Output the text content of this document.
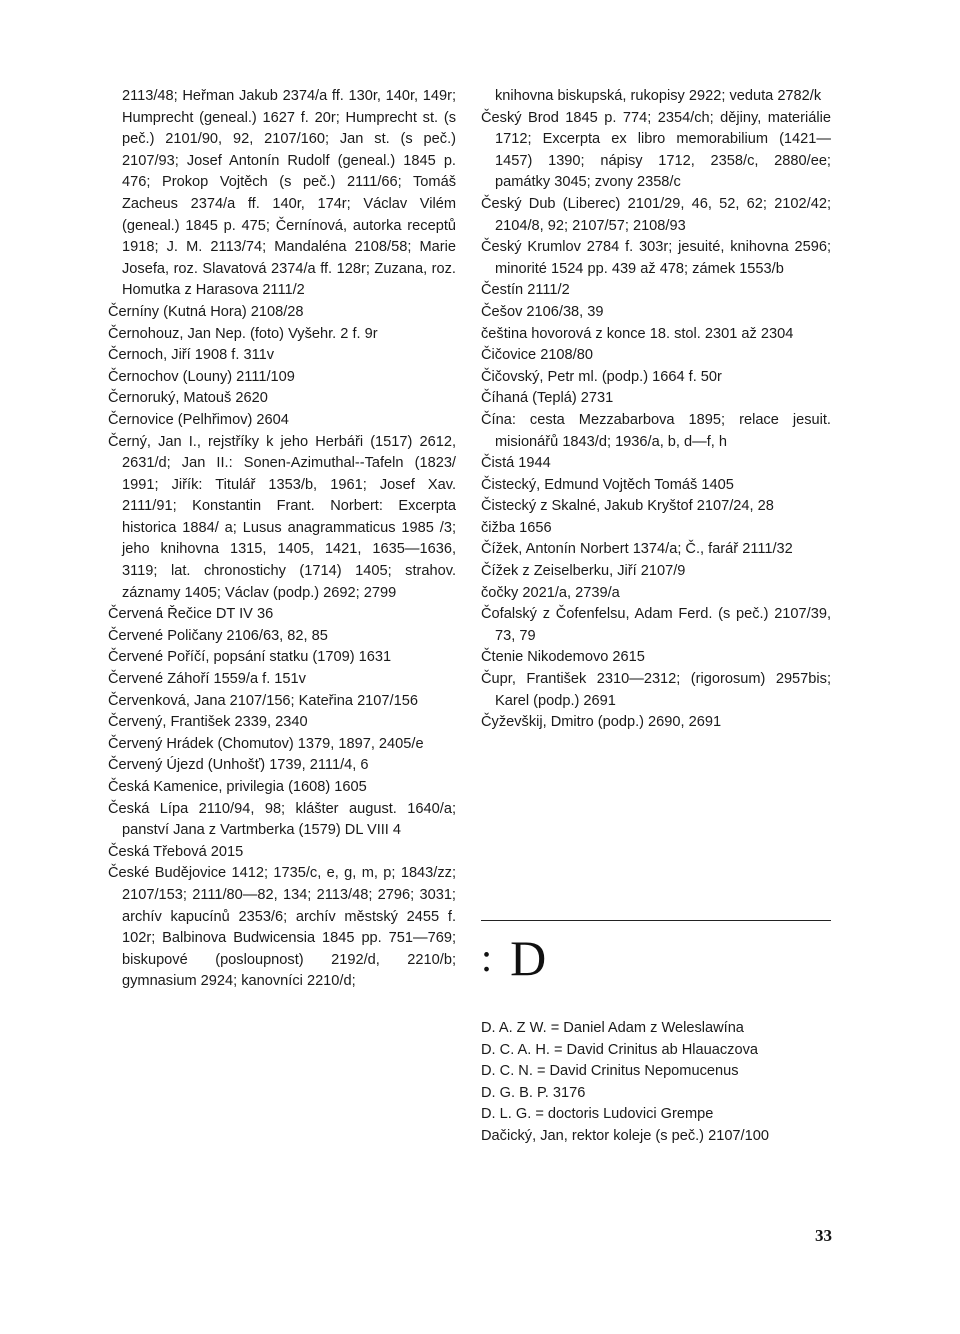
2113/48; Heřman Jakub 2374/a ff. 130r, 140r, 149r; Humprecht (geneal.) 1627 f. 20r; Humprecht st. (s peč.) 2101/90, 92, 2107/160; Jan st. (s peč.) 2107/93; Josef Antonín Rudolf (geneal.) 1845 p. 476; Prokop Vojtěch (s peč.) 2111/66; Tomáš Zacheus 2374/a ff. 140r, 174r; Václav Vilém (geneal.) 1845 p. 475; Černínová, autorka receptů 1918; J. M. 2113/74; Mandaléna 2108/58; Marie Josefa, roz. Slavatová 2374/a ff. 128r; Zuzana, roz. Homutka z Harasova 2111/2

Černíny (Kutná Hora) 2108/28

Černohouz, Jan Nep. (foto) Vyšehr. 2 f. 9r

Černoch, Jiří 1908 f. 311v

Černochov (Louny) 2111/109

Černoruký, Matouš 2620

Černovice (Pelhřimov) 2604

Černý, Jan I., rejstříky k jeho Herbáři (1517) 2612, 2631/d; Jan II.: Sonen-Azimuthal--Tafeln (1823/ 1991; Jiřík: Titulář 1353/b, 1961; Josef Xav. 2111/91; Konstantin Frant. Norbert: Excerpta historica 1884/ a; Lusus anagrammaticus 1985 /3; jeho knihovna 1315, 1405, 1421, 1635—1636, 3119; lat. chronostichy (1714) 1405; strahov. záznamy 1405; Václav (podp.) 2692; 2799

Červená Řečice DT IV 36

Červené Poličany 2106/63, 82, 85

Červené Poříčí, popsání statku (1709) 1631

Červené Záhoří 1559/a f. 151v

Červenková, Jana 2107/156; Kateřina 2107/156

Červený, František 2339, 2340

Červený Hrádek (Chomutov) 1379, 1897, 2405/e

Červený Újezd (Unhošť) 1739, 2111/4, 6

Česká Kamenice, privilegia (1608) 1605

Česká Lípa 2110/94, 98; klášter august. 1640/a; panství Jana z Vartmberka (1579) DL VIII 4

Česká Třebová 2015

České Budějovice 1412; 1735/c, e, g, m, p; 1843/zz; 2107/153; 2111/80—82, 134; 2113/48; 2796; 3031; archív kapucínů 2353/6; archív městský 2455 f. 102r; Balbinova Budwicensia 1845 pp. 751—769; biskupové (posloupnost) 2192/d, 2210/b; gymnasium 2924; kanovníci 2210/d;

knihovna biskupská, rukopisy 2922; veduta 2782/k

Český Brod 1845 p. 774; 2354/ch; dějiny, materiálie 1712; Excerpta ex libro memorabilium (1421—1457) 1390; nápisy 1712, 2358/c, 2880/ee; památky 3045; zvony 2358/c

Český Dub (Liberec) 2101/29, 46, 52, 62; 2102/42; 2104/8, 92; 2107/57; 2108/93

Český Krumlov 2784 f. 303r; jesuité, knihovna 2596; minorité 1524 pp. 439 až 478; zámek 1553/b

Čestín 2111/2

Češov 2106/38, 39

čeština hovorová z konce 18. stol. 2301 až 2304

Čičovice 2108/80

Čičovský, Petr ml. (podp.) 1664 f. 50r

Číhaná (Teplá) 2731

Čína: cesta Mezzabarbova 1895; relace jesuit. misionářů 1843/d; 1936/a, b, d—f, h

Čistá 1944

Čistecký, Edmund Vojtěch Tomáš 1405

Čistecký z Skalné, Jakub Kryštof 2107/24, 28

čižba 1656

Čížek, Antonín Norbert 1374/a; Č., farář 2111/32

Čížek z Zeiselberku, Jiří 2107/9

čočky 2021/a, 2739/a

Čofalský z Čofenfelsu, Adam Ferd. (s peč.) 2107/39, 73, 79

Čtenie Nikodemovo 2615

Čupr, František 2310—2312; (rigorosum) 2957bis; Karel (podp.) 2691

Čyževškij, Dmitro (podp.) 2690, 2691

: D

D. A. Z W. = Daniel Adam z Weleslawína

D. C. A. H. = David Crinitus ab Hlauaczova

D. C. N. = David Crinitus Nepomucenus

D. G. B. P. 3176

D. L. G. = doctoris Ludovici Grempe

Dačický, Jan, rektor koleje (s peč.) 2107/100

33
